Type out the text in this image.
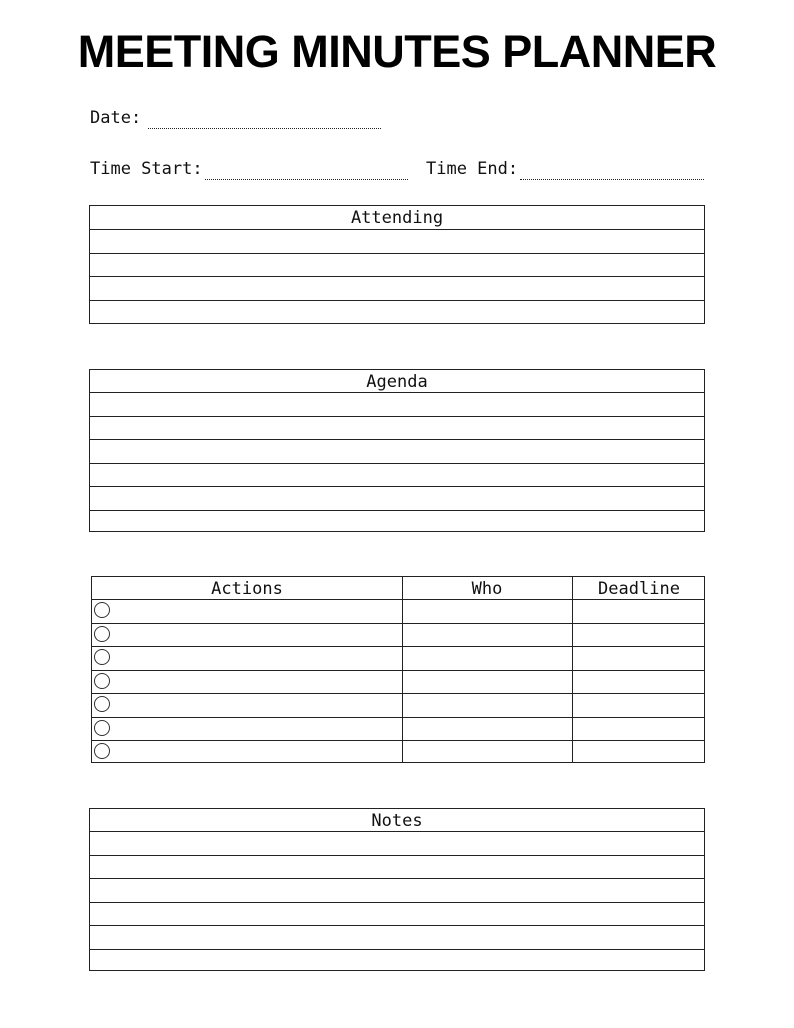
MEETING MINUTES PLANNER
Date:
Time Start:	Time End:
Attending
Agenda
Actions	Who	Deadline
Notes
